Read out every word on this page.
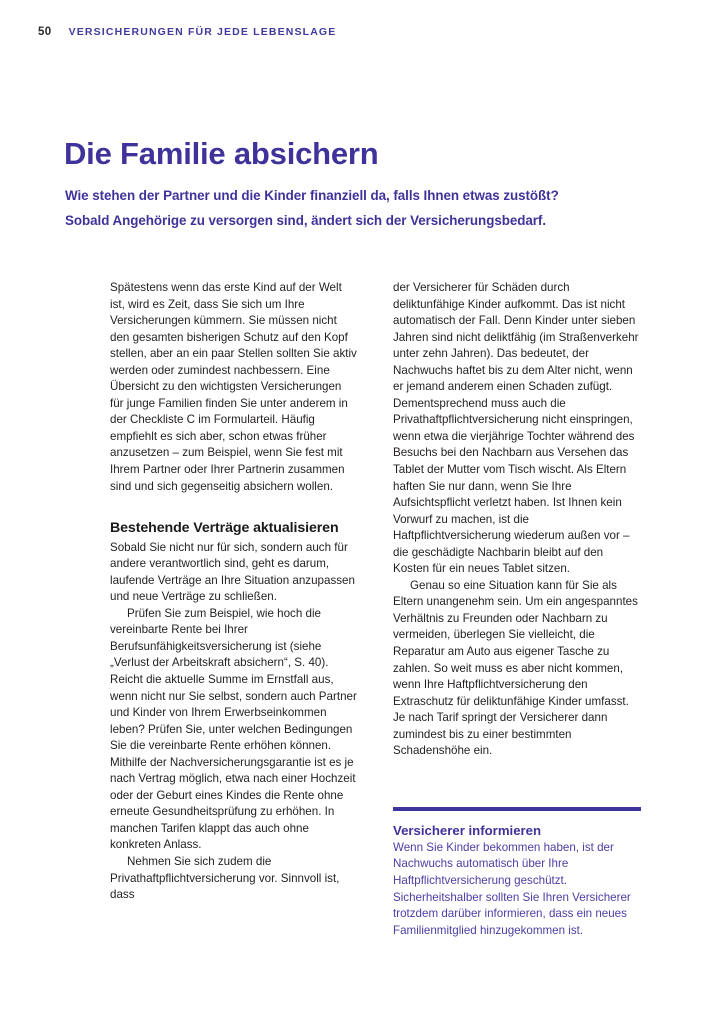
50 VERSICHERUNGEN FÜR JEDE LEBENSLAGE
Die Familie absichern
Wie stehen der Partner und die Kinder finanziell da, falls Ihnen etwas zustößt? Sobald Angehörige zu versorgen sind, ändert sich der Versicherungsbedarf.

Spätestens wenn das erste Kind auf der Welt ist, wird es Zeit, dass Sie sich um Ihre Versicherungen kümmern. Sie müssen nicht den gesamten bisherigen Schutz auf den Kopf stellen, aber an ein paar Stellen sollten Sie aktiv werden oder zumindest nachbessern. Eine Übersicht zu den wichtigsten Versicherungen für junge Familien finden Sie unter anderem in der Checkliste C im Formularteil. Häufig empfiehlt es sich aber, schon etwas früher anzusetzen – zum Beispiel, wenn Sie fest mit Ihrem Partner oder Ihrer Partnerin zusammen sind und sich gegenseitig absichern wollen.

Bestehende Verträge aktualisieren

Sobald Sie nicht nur für sich, sondern auch für andere verantwortlich sind, geht es darum, laufende Verträge an Ihre Situation anzupassen und neue Verträge zu schließen.

Prüfen Sie zum Beispiel, wie hoch die vereinbarte Rente bei Ihrer Berufsunfähigkeitsversicherung ist (siehe „Verlust der Arbeitskraft absichern“, S. 40). Reicht die aktuelle Summe im Ernstfall aus, wenn nicht nur Sie selbst, sondern auch Partner und Kinder von Ihrem Erwerbseinkommen leben? Prüfen Sie, unter welchen Bedingungen Sie die vereinbarte Rente erhöhen können. Mithilfe der Nachversicherungsgarantie ist es je nach Vertrag möglich, etwa nach einer Hochzeit oder der Geburt eines Kindes die Rente ohne erneute Gesundheitsprüfung zu erhöhen. In manchen Tarifen klappt das auch ohne konkreten Anlass.

Nehmen Sie sich zudem die Privathaftpflichtversicherung vor. Sinnvoll ist, dass

der Versicherer für Schäden durch deliktunfähige Kinder aufkommt. Das ist nicht automatisch der Fall. Denn Kinder unter sieben Jahren sind nicht deliktfähig (im Straßenverkehr unter zehn Jahren). Das bedeutet, der Nachwuchs haftet bis zu dem Alter nicht, wenn er jemand anderem einen Schaden zufügt. Dementsprechend muss auch die Privathaftpflichtversicherung nicht einspringen, wenn etwa die vierjährige Tochter während des Besuchs bei den Nachbarn aus Versehen das Tablet der Mutter vom Tisch wischt. Als Eltern haften Sie nur dann, wenn Sie Ihre Aufsichtspflicht verletzt haben. Ist Ihnen kein Vorwurf zu machen, ist die Haftpflichtversicherung wiederum außen vor – die geschädigte Nachbarin bleibt auf den Kosten für ein neues Tablet sitzen.

Genau so eine Situation kann für Sie als Eltern unangenehm sein. Um ein angespanntes Verhältnis zu Freunden oder Nachbarn zu vermeiden, überlegen Sie vielleicht, die Reparatur am Auto aus eigener Tasche zu zahlen. So weit muss es aber nicht kommen, wenn Ihre Haftpflichtversicherung den Extraschutz für deliktunfähige Kinder umfasst. Je nach Tarif springt der Versicherer dann zumindest bis zu einer bestimmten Schadenshöhe ein.

Versicherer informieren

Wenn Sie Kinder bekommen haben, ist der Nachwuchs automatisch über Ihre Haftpflichtversicherung geschützt. Sicherheitshalber sollten Sie Ihren Versicherer trotzdem darüber informieren, dass ein neues Familienmitglied hinzugekommen ist.
